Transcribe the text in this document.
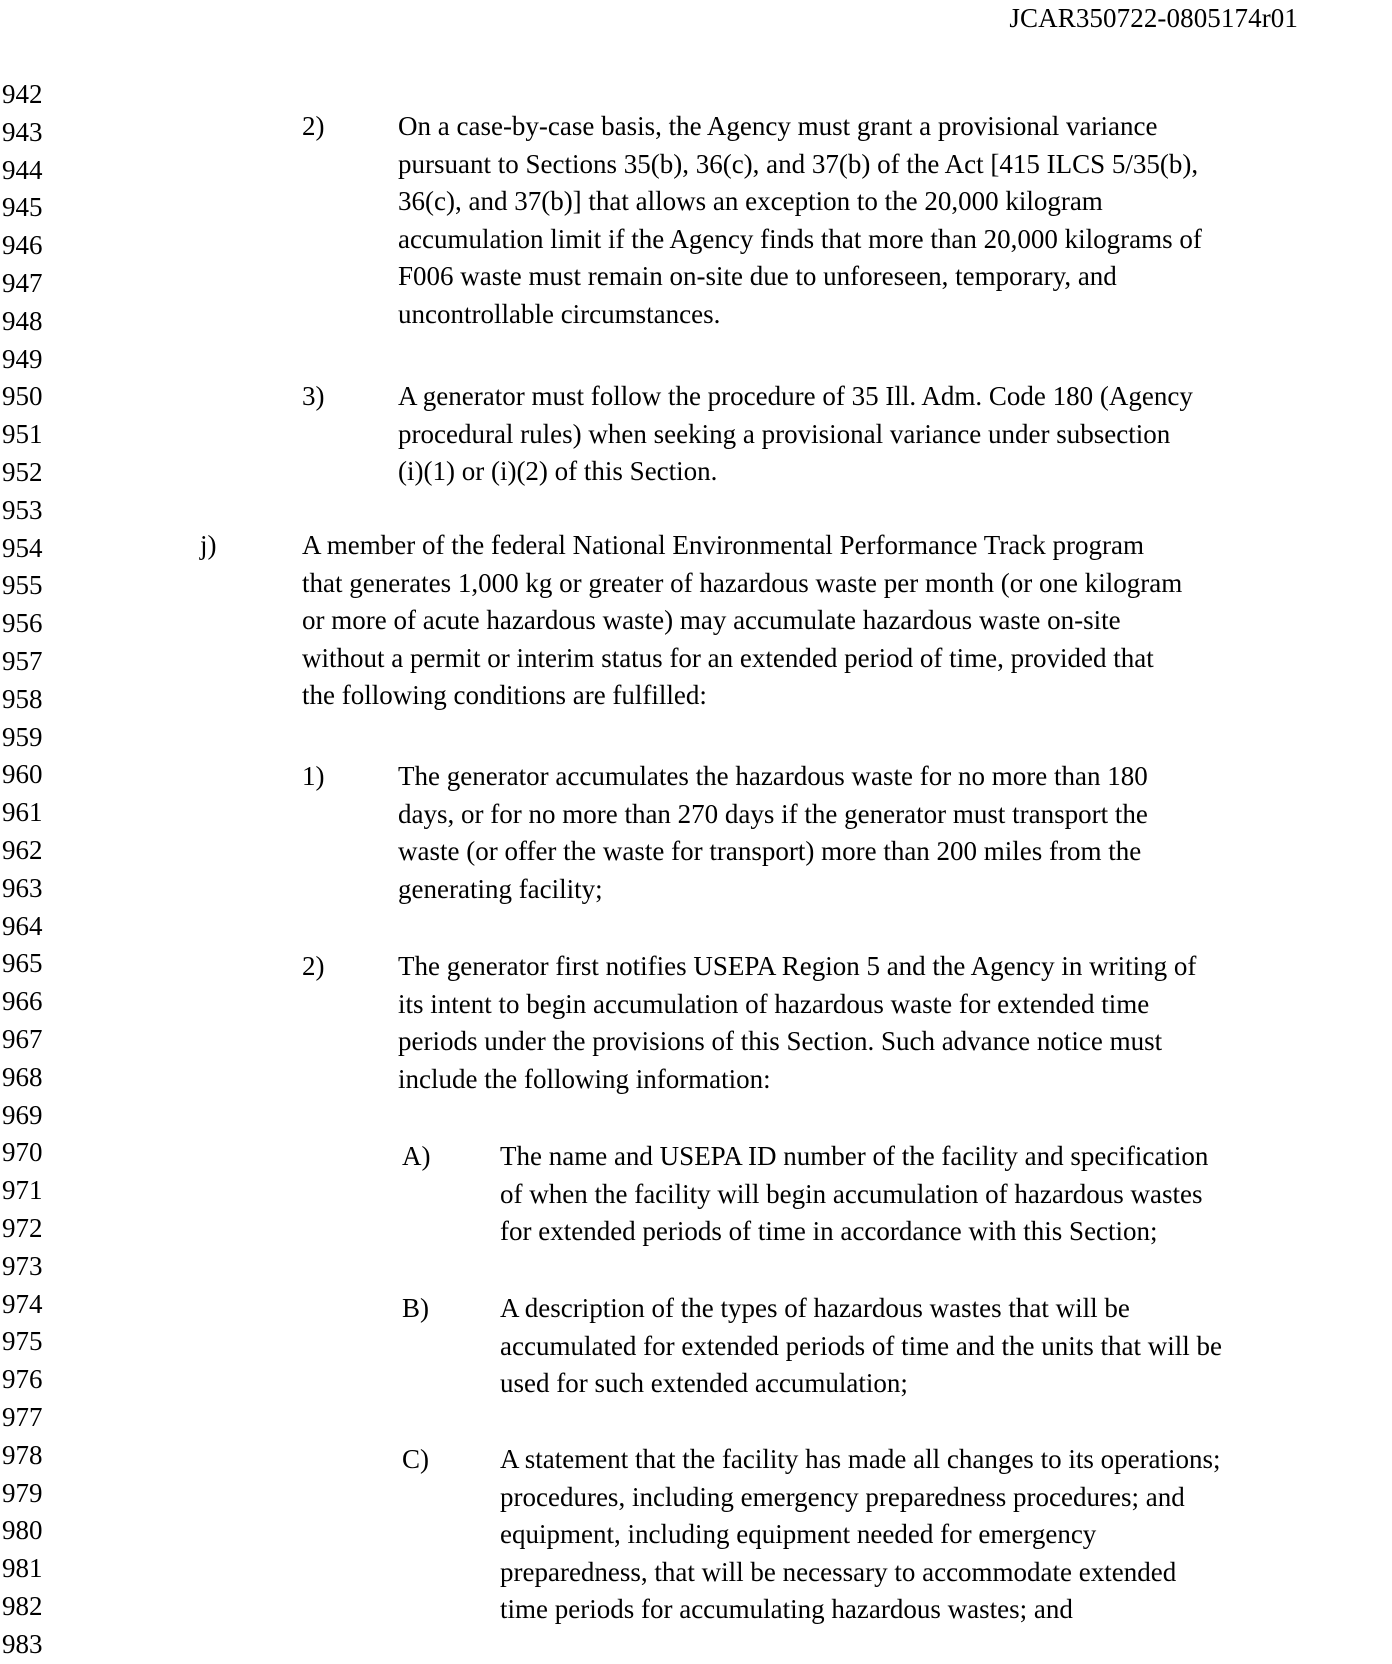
JCAR350722-0805174r01
942
943
944
945
946
947
948
949
950
951
952
953
954
955
956
957
958
959
960
961
962
963
964
965
966
967
968
969
970
971
972
973
974
975
976
977
978
979
980
981
982
983
2)	On a case-by-case basis, the Agency must grant a provisional variance
pursuant to Sections 35(b), 36(c), and 37(b) of the Act [415 ILCS 5/35(b),
36(c), and 37(b)] that allows an exception to the 20,000 kilogram
accumulation limit if the Agency finds that more than 20,000 kilograms of
F006 waste must remain on-site due to unforeseen, temporary, and
uncontrollable circumstances.
3)	A generator must follow the procedure of 35 Ill. Adm. Code 180 (Agency
procedural rules) when seeking a provisional variance under subsection
(i)(1) or (i)(2) of this Section.
j)	A member of the federal National Environmental Performance Track program
that generates 1,000 kg or greater of hazardous waste per month (or one kilogram
or more of acute hazardous waste) may accumulate hazardous waste on-site
without a permit or interim status for an extended period of time, provided that
the following conditions are fulfilled:
1)	The generator accumulates the hazardous waste for no more than 180
days, or for no more than 270 days if the generator must transport the
waste (or offer the waste for transport) more than 200 miles from the
generating facility;
2)	The generator first notifies USEPA Region 5 and the Agency in writing of
its intent to begin accumulation of hazardous waste for extended time
periods under the provisions of this Section. Such advance notice must
include the following information:
A)	The name and USEPA ID number of the facility and specification
of when the facility will begin accumulation of hazardous wastes
for extended periods of time in accordance with this Section;
B)	A description of the types of hazardous wastes that will be
accumulated for extended periods of time and the units that will be
used for such extended accumulation;
C)	A statement that the facility has made all changes to its operations;
procedures, including emergency preparedness procedures; and
equipment, including equipment needed for emergency
preparedness, that will be necessary to accommodate extended
time periods for accumulating hazardous wastes; and
